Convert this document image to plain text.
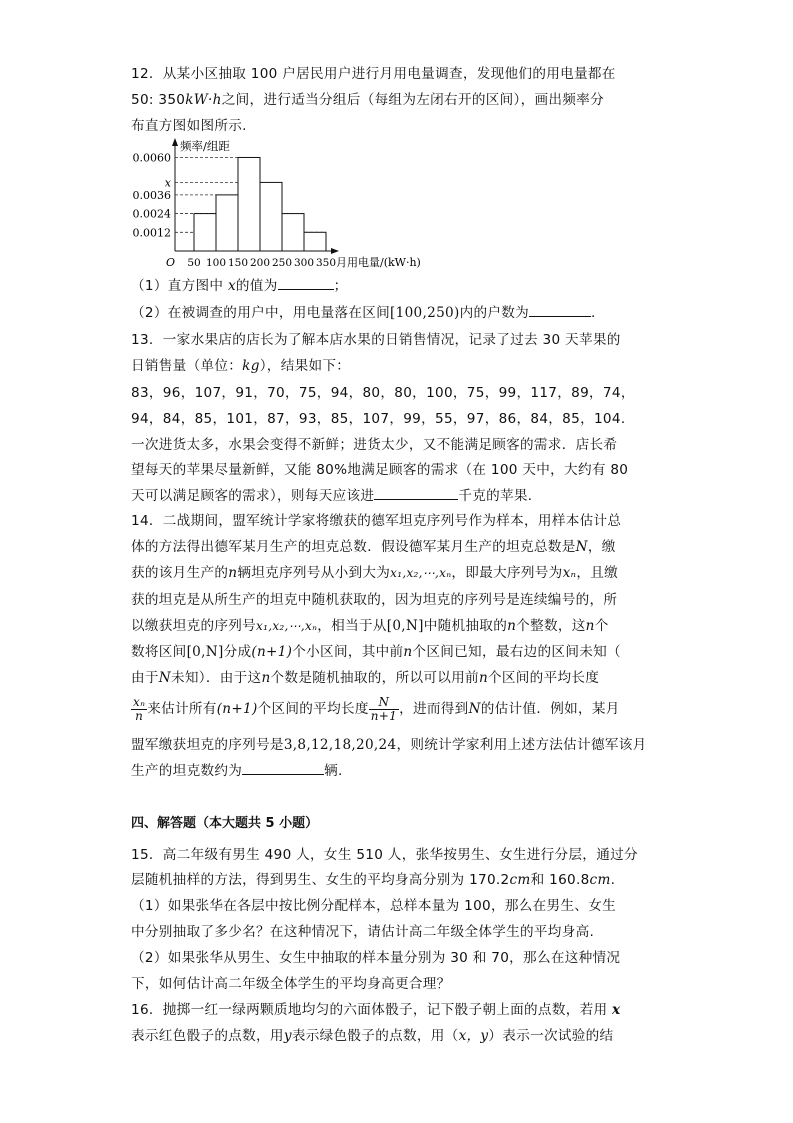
12．从某小区抽取 100 户居民用户进行月用电量调查，发现他们的用电量都在
50: 350kW·h之间，进行适当分组后（每组为左闭右开的区间），画出频率分
布直方图如图所示.
0.0060
x
0.0036
0.0024
0.0012
50 100 150 200 250 300 350
O
频率/组距
月用电量/(kW·h)
（1）直方图中 x的值为	；
（2）在被调查的用户中，用电量落在区间[100,250)内的户数为	.
13．一家水果店的店长为了解本店水果的日销售情况，记录了过去 30 天苹果的
日销售量（单位：kg），结果如下：
83，96，107，91，70，75，94，80，80，100，75，99，117，89，74，
94，84，85，101，87，93，85，107，99，55，97，86，84，85，104．
一次进货太多，水果会变得不新鲜；进货太少，又不能满足顾客的需求．店长希
望每天的苹果尽量新鲜，又能 80%地满足顾客的需求（在 100 天中，大约有 80
天可以满足顾客的需求），则每天应该进	千克的苹果．
14．二战期间，盟军统计学家将缴获的德军坦克序列号作为样本，用样本估计总
体的方法得出德军某月生产的坦克总数．假设德军某月生产的坦克总数是N，缴
获的该月生产的n辆坦克序列号从小到大为x₁,x₂,⋯,xₙ，即最大序列号为xₙ，且缴
获的坦克是从所生产的坦克中随机获取的，因为坦克的序列号是连续编号的，所
以缴获坦克的序列号x₁,x₂,⋯,xₙ，相当于从[0,N]中随机抽取的n个整数，这n个
数将区间[0,N]分成(n+1)个小区间，其中前n个区间已知，最右边的区间未知（
由于N未知）．由于这n个数是随机抽取的，所以可以用前n个区间的平均长度
$\frac{\text{xₙ}}{n}$ 来估计所有(n+1)个区间的平均长度 $\frac{N}{n+1}$ ，进而得到N的估计值．例如，某月
盟军缴获坦克的序列号是3,8,12,18,20,24，则统计学家利用上述方法估计德军该月
生产的坦克数约为	辆.
四、解答题（本大题共 5 小题）
15．高二年级有男生 490 人，女生 510 人，张华按男生、女生进行分层，通过分
层随机抽样的方法，得到男生、女生的平均身高分别为 170.2cm和 160.8cm.
（1）如果张华在各层中按比例分配样本，总样本量为 100，那么在男生、女生
中分别抽取了多少名？在这种情况下，请估计高二年级全体学生的平均身高.
（2）如果张华从男生、女生中抽取的样本量分别为 30 和 70，那么在这种情况
下，如何估计高二年级全体学生的平均身高更合理？
16．抛掷一红一绿两颗质地均匀的六面体骰子，记下骰子朝上面的点数，若用 x
表示红色骰子的点数，用y表示绿色骰子的点数，用（x，y）表示一次试验的结
